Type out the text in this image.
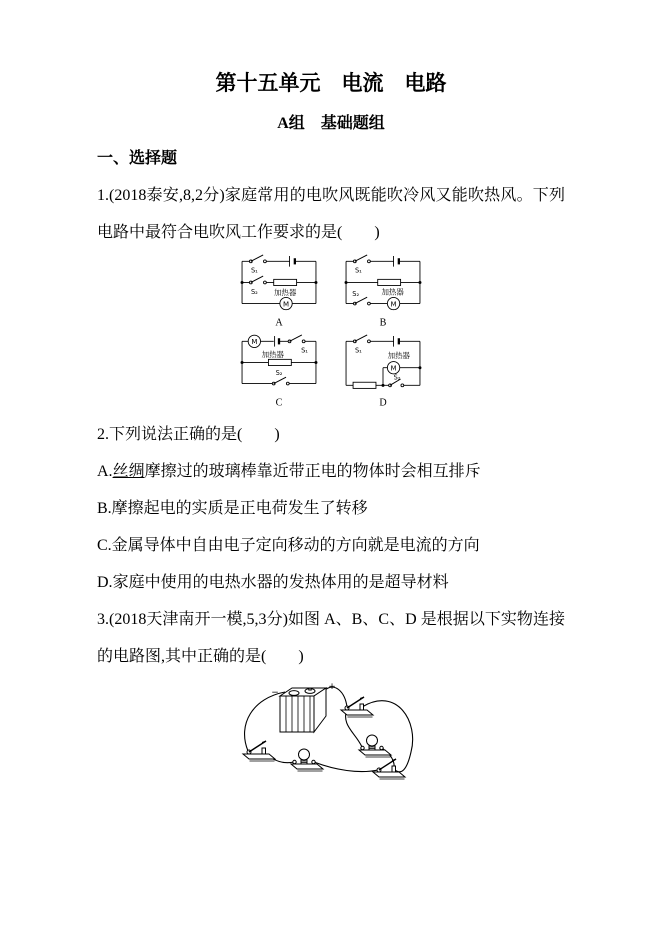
第十五单元　电流　电路
A组　基础题组
一、选择题

1.(2018泰安,8,2分)家庭常用的电吹风既能吹冷风又能吹热风。下列电路中最符合电吹风工作要求的是(　　)

M
S₁
S₂ 加热器
A
M
S₁
S₂	加热器
B
M
S₁
S₂
加热器
C
M
S₁
S₂
加热器
D

2.下列说法正确的是(　　)

A.丝绸摩擦过的玻璃棒靠近带正电的物体时会相互排斥

B.摩擦起电的实质是正电荷发生了转移

C.金属导体中自由电子定向移动的方向就是电流的方向

D.家庭中使用的电热水器的发热体用的是超导材料

3.(2018天津南开一模,5,3分)如图 A、B、C、D 是根据以下实物连接的电路图,其中正确的是(　　)

−
+
